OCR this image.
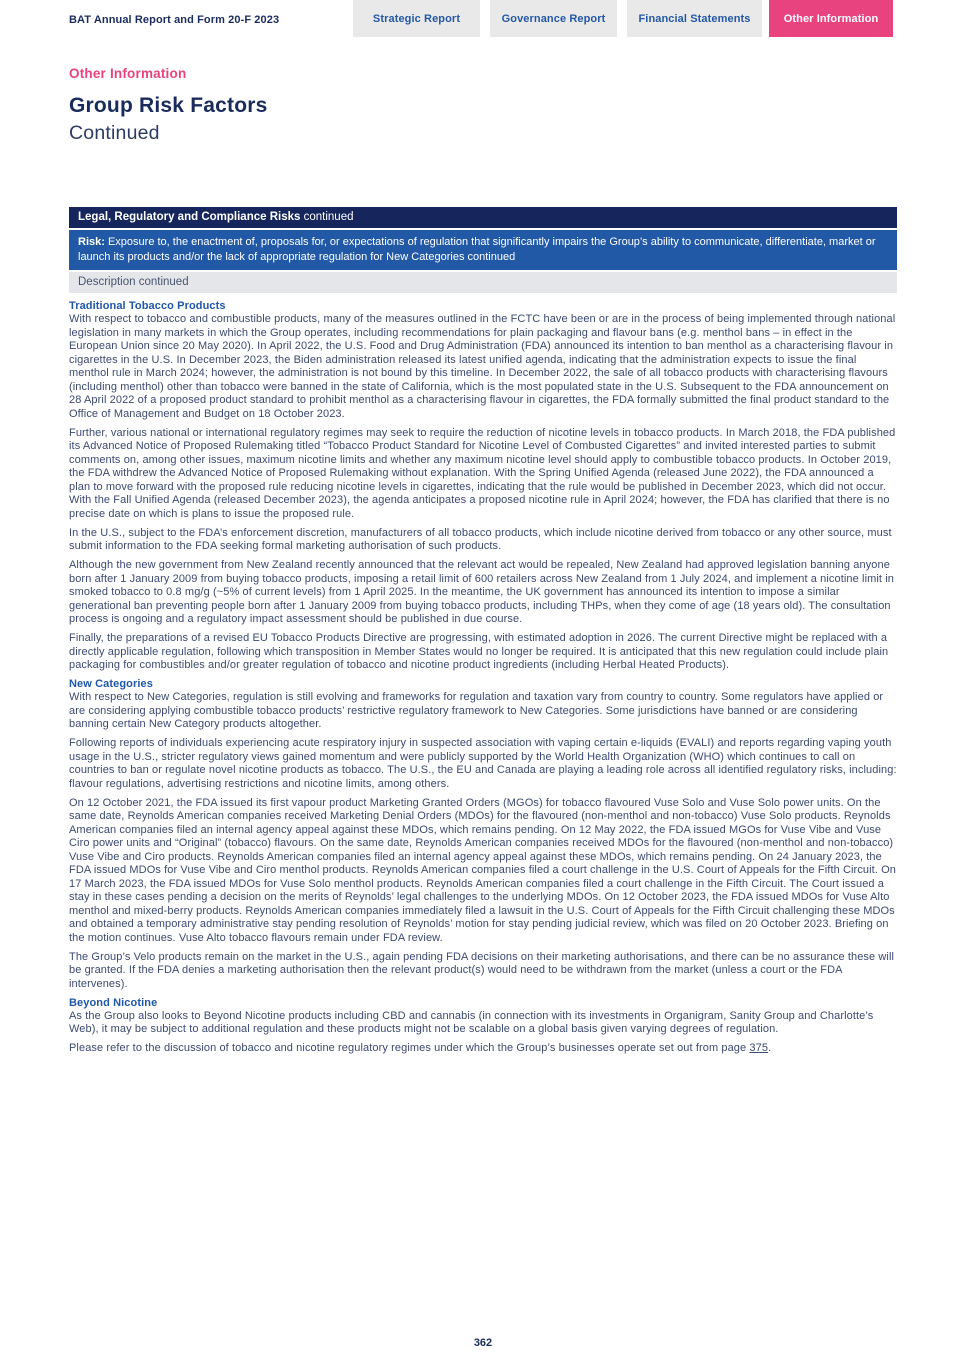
BAT Annual Report and Form 20-F 2023	Strategic Report	Governance Report	Financial Statements	Other Information
Other Information
Group Risk Factors
Continued
Legal, Regulatory and Compliance Risks continued
Risk: Exposure to, the enactment of, proposals for, or expectations of regulation that significantly impairs the Group’s ability to communicate, differentiate, market or launch its products and/or the lack of appropriate regulation for New Categories continued
Description continued
Traditional Tobacco Products

With respect to tobacco and combustible products, many of the measures outlined in the FCTC have been or are in the process of being implemented through national legislation in many markets in which the Group operates, including recommendations for plain packaging and flavour bans (e.g. menthol bans – in effect in the European Union since 20 May 2020). In April 2022, the U.S. Food and Drug Administration (FDA) announced its intention to ban menthol as a characterising flavour in cigarettes in the U.S. In December 2023, the Biden administration released its latest unified agenda, indicating that the administration expects to issue the final menthol rule in March 2024; however, the administration is not bound by this timeline. In December 2022, the sale of all tobacco products with characterising flavours (including menthol) other than tobacco were banned in the state of California, which is the most populated state in the U.S. Subsequent to the FDA announcement on 28 April 2022 of a proposed product standard to prohibit menthol as a characterising flavour in cigarettes, the FDA formally submitted the final product standard to the Office of Management and Budget on 18 October 2023.

Further, various national or international regulatory regimes may seek to require the reduction of nicotine levels in tobacco products. In March 2018, the FDA published its Advanced Notice of Proposed Rulemaking titled “Tobacco Product Standard for Nicotine Level of Combusted Cigarettes” and invited interested parties to submit comments on, among other issues, maximum nicotine limits and whether any maximum nicotine level should apply to combustible tobacco products. In October 2019, the FDA withdrew the Advanced Notice of Proposed Rulemaking without explanation. With the Spring Unified Agenda (released June 2022), the FDA announced a plan to move forward with the proposed rule reducing nicotine levels in cigarettes, indicating that the rule would be published in December 2023, which did not occur. With the Fall Unified Agenda (released December 2023), the agenda anticipates a proposed nicotine rule in April 2024; however, the FDA has clarified that there is no precise date on which is plans to issue the proposed rule.

In the U.S., subject to the FDA’s enforcement discretion, manufacturers of all tobacco products, which include nicotine derived from tobacco or any other source, must submit information to the FDA seeking formal marketing authorisation of such products.

Although the new government from New Zealand recently announced that the relevant act would be repealed, New Zealand had approved legislation banning anyone born after 1 January 2009 from buying tobacco products, imposing a retail limit of 600 retailers across New Zealand from 1 July 2024, and implement a nicotine limit in smoked tobacco to 0.8 mg/g (~5% of current levels) from 1 April 2025. In the meantime, the UK government has announced its intention to impose a similar generational ban preventing people born after 1 January 2009 from buying tobacco products, including THPs, when they come of age (18 years old). The consultation process is ongoing and a regulatory impact assessment should be published in due course.

Finally, the preparations of a revised EU Tobacco Products Directive are progressing, with estimated adoption in 2026. The current Directive might be replaced with a directly applicable regulation, following which transposition in Member States would no longer be required. It is anticipated that this new regulation could include plain packaging for combustibles and/or greater regulation of tobacco and nicotine product ingredients (including Herbal Heated Products).

New Categories

With respect to New Categories, regulation is still evolving and frameworks for regulation and taxation vary from country to country. Some regulators have applied or are considering applying combustible tobacco products’ restrictive regulatory framework to New Categories. Some jurisdictions have banned or are considering banning certain New Category products altogether.

Following reports of individuals experiencing acute respiratory injury in suspected association with vaping certain e-liquids (EVALI) and reports regarding vaping youth usage in the U.S., stricter regulatory views gained momentum and were publicly supported by the World Health Organization (WHO) which continues to call on countries to ban or regulate novel nicotine products as tobacco. The U.S., the EU and Canada are playing a leading role across all identified regulatory risks, including: flavour regulations, advertising restrictions and nicotine limits, among others.

On 12 October 2021, the FDA issued its first vapour product Marketing Granted Orders (MGOs) for tobacco flavoured Vuse Solo and Vuse Solo power units. On the same date, Reynolds American companies received Marketing Denial Orders (MDOs) for the flavoured (non-menthol and non-tobacco) Vuse Solo products. Reynolds American companies filed an internal agency appeal against these MDOs, which remains pending. On 12 May 2022, the FDA issued MGOs for Vuse Vibe and Vuse Ciro power units and “Original” (tobacco) flavours. On the same date, Reynolds American companies received MDOs for the flavoured (non-menthol and non-tobacco) Vuse Vibe and Ciro products. Reynolds American companies filed an internal agency appeal against these MDOs, which remains pending. On 24 January 2023, the FDA issued MDOs for Vuse Vibe and Ciro menthol products. Reynolds American companies filed a court challenge in the U.S. Court of Appeals for the Fifth Circuit. On 17 March 2023, the FDA issued MDOs for Vuse Solo menthol products. Reynolds American companies filed a court challenge in the Fifth Circuit. The Court issued a stay in these cases pending a decision on the merits of Reynolds’ legal challenges to the underlying MDOs. On 12 October 2023, the FDA issued MDOs for Vuse Alto menthol and mixed-berry products. Reynolds American companies immediately filed a lawsuit in the U.S. Court of Appeals for the Fifth Circuit challenging these MDOs and obtained a temporary administrative stay pending resolution of Reynolds’ motion for stay pending judicial review, which was filed on 20 October 2023. Briefing on the motion continues. Vuse Alto tobacco flavours remain under FDA review.

The Group’s Velo products remain on the market in the U.S., again pending FDA decisions on their marketing authorisations, and there can be no assurance these will be granted. If the FDA denies a marketing authorisation then the relevant product(s) would need to be withdrawn from the market (unless a court or the FDA intervenes).

Beyond Nicotine

As the Group also looks to Beyond Nicotine products including CBD and cannabis (in connection with its investments in Organigram, Sanity Group and Charlotte’s Web), it may be subject to additional regulation and these products might not be scalable on a global basis given varying degrees of regulation.

Please refer to the discussion of tobacco and nicotine regulatory regimes under which the Group’s businesses operate set out from page 375.

362
